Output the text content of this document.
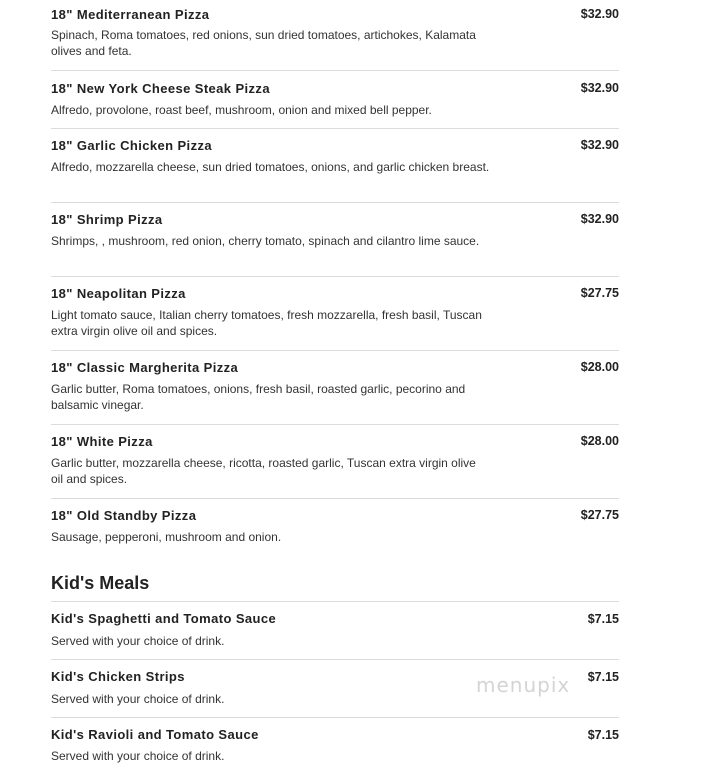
18" Mediterranean Pizza	$32.90
Spinach, Roma tomatoes, red onions, sun dried tomatoes, artichokes, Kalamata olives and feta.
18" New York Cheese Steak Pizza	$32.90
Alfredo, provolone, roast beef, mushroom, onion and mixed bell pepper.
18" Garlic Chicken Pizza	$32.90
Alfredo, mozzarella cheese, sun dried tomatoes, onions, and garlic chicken breast.
18" Shrimp Pizza	$32.90
Shrimps, , mushroom, red onion, cherry tomato, spinach and cilantro lime sauce.
18" Neapolitan Pizza	$27.75
Light tomato sauce, Italian cherry tomatoes, fresh mozzarella, fresh basil, Tuscan extra virgin olive oil and spices.
18" Classic Margherita Pizza	$28.00
Garlic butter, Roma tomatoes, onions, fresh basil, roasted garlic, pecorino and balsamic vinegar.
18" White Pizza	$28.00
Garlic butter, mozzarella cheese, ricotta, roasted garlic, Tuscan extra virgin olive oil and spices.
18" Old Standby Pizza	$27.75
Sausage, pepperoni, mushroom and onion.
Kid's Meals
Kid's Spaghetti and Tomato Sauce	$7.15
Served with your choice of drink.
Kid's Chicken Strips	$7.15
Served with your choice of drink.
Kid's Ravioli and Tomato Sauce	$7.15
Served with your choice of drink.
menupix
